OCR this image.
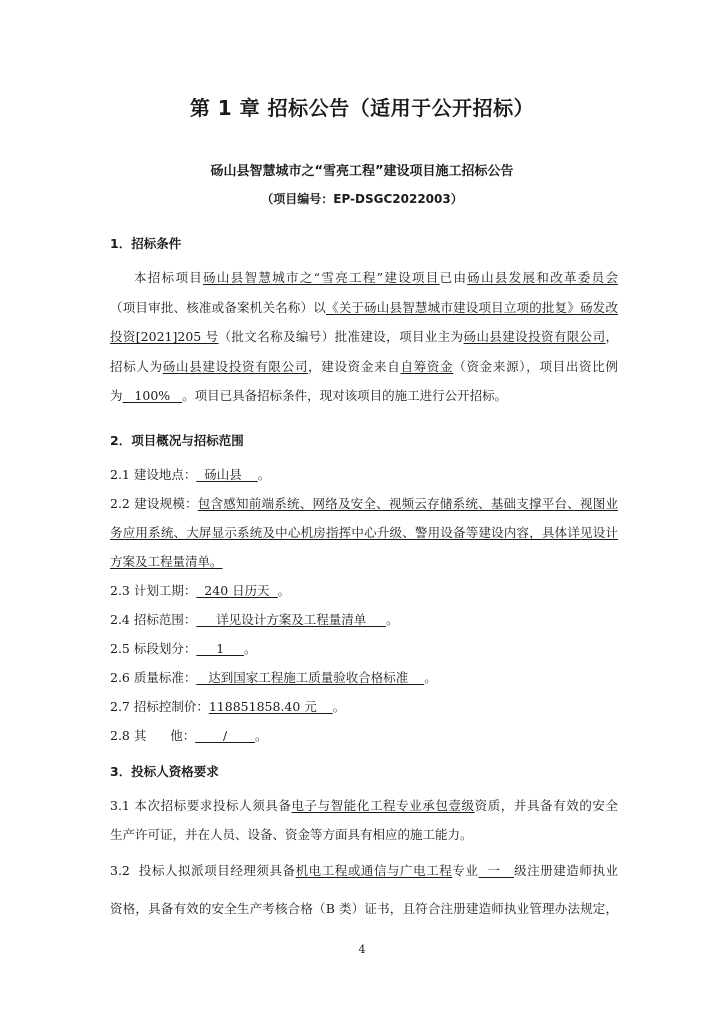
第 1 章 招标公告（适用于公开招标）
砀山县智慧城市之“雪亮工程”建设项目施工招标公告
（项目编号：EP-DSGC2022003）
1．招标条件
本招标项目砀山县智慧城市之“雪亮工程”建设项目已由砀山县发展和改革委员会
（项目审批、核准或备案机关名称）以《关于砀山县智慧城市建设项目立项的批复》砀发改
投资[2021]205 号（批文名称及编号）批准建设，项目业主为砀山县建设投资有限公司，
招标人为砀山县建设投资有限公司，建设资金来自自筹资金（资金来源），项目出资比例
为   100%   。项目已具备招标条件，现对该项目的施工进行公开招标。
2．项目概况与招标范围
2.1 建设地点：  砀山县    。
2.2 建设规模：包含感知前端系统、网络及安全、视频云存储系统、基础支撑平台、视图业
务应用系统、大屏显示系统及中心机房指挥中心升级、警用设备等建设内容，具体详见设计
方案及工程量清单。
2.3 计划工期：  240 日历天  。
2.4 招标范围：     详见设计方案及工程量清单     。
2.5 标段划分：     1     。
2.6 质量标准：   达到国家工程施工质量验收合格标准    。
2.7 招标控制价：118851858.40 元    。
2.8 其      他：       /       。
3．投标人资格要求
3.1 本次招标要求投标人须具备电子与智能化工程专业承包壹级资质，并具备有效的安全
生产许可证，并在人员、设备、资金等方面具有相应的施工能力。
3.2  投标人拟派项目经理须具备机电工程或通信与广电工程专业  一   级注册建造师执业
资格，具备有效的安全生产考核合格（B 类）证书，且符合注册建造师执业管理办法规定，
4
